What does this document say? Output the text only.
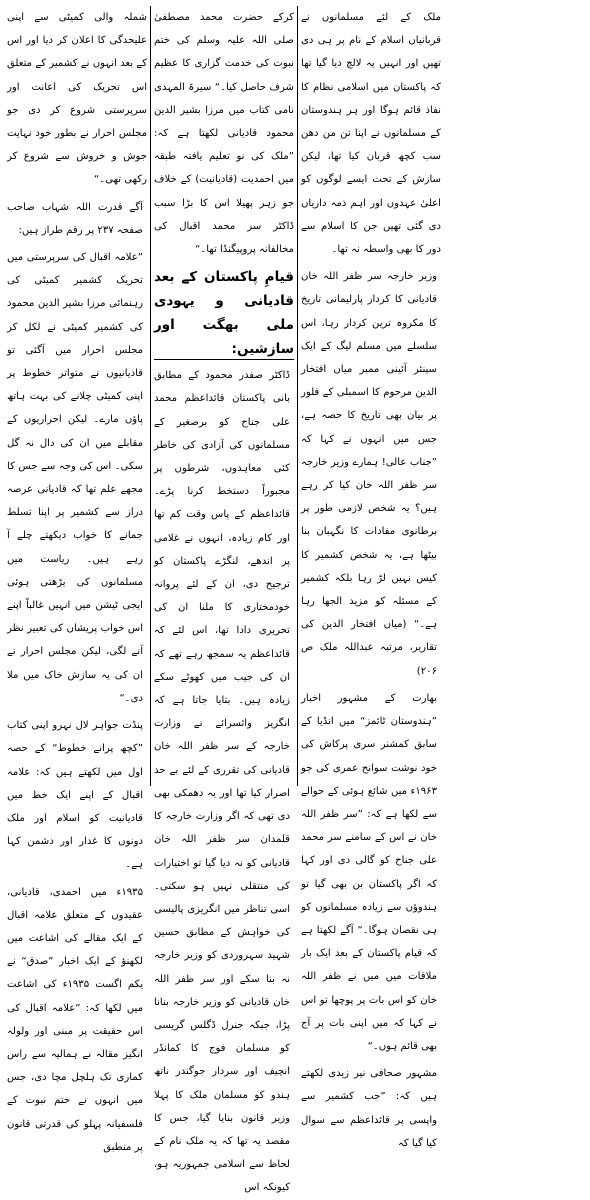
شملہ والی کمیٹی سے اپنی علیحدگی کا اعلان کر دیا اور اس کے بعد انہوں نے کشمیر کے متعلق اس تحریک کی اعانت اور سرپرستی شروع کر دی جو مجلس احرار نے بطور خود نہایت جوش و خروش سے شروع کر رکھی تھی۔“

آگے قدرت اللہ شہاب صاحب صفحہ ۲۳۷ پر رقم طراز ہیں:

”علامہ اقبال کی سرپرستی میں تحریک کشمیر کمیٹی کی رہنمائی مرزا بشیر الدین محمود کی کشمیر کمیٹی نے لکل کر مجلس احرار میں آگئی تو قادیانیوں نے متواتر خطوط پر اپنی کمیٹی چلانے کی بہت ہاتھ پاؤں مارے۔ لیکن احراریوں کے مقابلے میں ان کی دال نہ گل سکی۔ اس کی وجہ سے جس کا مجھے علم تھا کہ قادیانی عرصہ دراز سے کشمیر پر اپنا تسلط جمانے کا خواب دیکھتے چلے آ رہے ہیں۔ ریاست میں مسلمانوں کی بڑھتی ہوئی ایجی ٹیشن میں انہیں غالباً اپنے اس خواب پریشاں کی تعبیر نظر آنے لگی، لیکن مجلس احرار نے ان کی یہ سازش خاک میں ملا دی۔“

پنڈت جواہر لال نہرو اپنی کتاب ”کچھ پرانے خطوط“ کے حصہ اول میں لکھتے ہیں کہ: علامہ اقبال کے اپنے ایک خط میں قادیانیت کو اسلام اور ملک دونوں کا غدار اور دشمن کہا ہے۔

۱۹۳۵ء میں احمدی، قادیانی، عقیدوں کے متعلق علامہ اقبال کے ایک مقالے کی اشاعت میں لکھنؤ کے ایک اخبار ”صدق“ نے یکم اگست ۱۹۳۵ء کی اشاعت میں لکھا کہ: ”علامہ اقبال کی اس حقیقت پر مبنی اور ولولہ انگیز مقالہ نے ہمالیہ سے راس کماری تک ہلچل مچا دی، جس میں انہوں نے ختم نبوت کے فلسفیانہ پہلو کی قدرتی قانون پر منطبق

کرکے حضرت محمد مصطفیٰ صلی اللہ علیہ وسلم کی ختم نبوت کی خدمت گزاری کا عظیم شرف حاصل کیا۔“ سیرۃ المہدی نامی کتاب میں مرزا بشیر الدین محمود قادیانی لکھتا ہے کہ: ”ملک کی نو تعلیم یافتہ طبقہ میں احمدیت (قادیانیت) کے خلاف جو زہر پھیلا اس کا بڑا سبب ڈاکٹر سر محمد اقبال کی مخالفانہ پروپیگنڈا تھا۔“

قیامِ پاکستان کے بعد قادیانی و یہودی ملی بھگت اور سازشیں:

ڈاکٹر صفدر محمود کے مطابق بانی پاکستان قائداعظم محمد علی جناح کو برصغیر کے مسلمانوں کی آزادی کی خاطر کئی معاہدوں، شرطوں پر مجبوراً دستخط کرنا پڑے۔ قائداعظم کے پاس وقت کم تھا اور کام زیادہ، انہوں نے غلامی پر اندھے، لنگڑے پاکستان کو ترجیح دی، ان کے لئے پروانہ خودمختاری کا ملنا ان کی تحریری دادا تھا، اس لئے کہ قائداعظم یہ سمجھ رہے تھے کہ ان کی جیب میں کھوٹے سکے زیادہ ہیں۔ بتایا جاتا ہے کہ انگریز وائسرائے نے وزارت خارجہ کے سر ظفر اللہ خان قادیانی کی تقرری کے لئے بے حد اصرار کیا تھا اور یہ دھمکی بھی دی تھی کہ اگر وزارت خارجہ کا قلمدان سر ظفر اللہ خان قادیانی کو نہ دیا گیا تو اختیارات کی منتقلی نہیں ہو سکتی۔ اسی تناظر میں انگریزی پالیسی کی خواہش کے مطابق حسین شہید سہروردی کو وزیر خارجہ نہ بنا سکے اور سر ظفر اللہ خان قادیانی کو وزیر خارجہ بنانا پڑا، جبکہ جنرل ڈگلس گریسی کو مسلمان فوج کا کمانڈر انچیف اور سردار جوگندر ناتھ ہندو کو مسلمان ملک کا پہلا وزیر قانون بنایا گیا، جس کا مقصد یہ تھا کہ یہ ملک نام کے لحاظ سے اسلامی جمہوریہ ہو، کیونکہ اس

ملک کے لئے مسلمانوں نے قربانیاں اسلام کے نام پر ہی دی تھیں اور انہیں یہ لالچ دیا گیا تھا کہ پاکستان میں اسلامی نظام کا نفاذ قائم ہوگا اور ہر ہندوستان کے مسلمانوں نے اپنا تن من دھن سب کچھ قربان کیا تھا، لیکن سازش کے تحت ایسے لوگوں کو اعلیٰ عہدوں اور اہم ذمہ داریاں دی گئی تھیں جن کا اسلام سے دور کا بھی واسطہ نہ تھا۔

وزیر خارجہ سر ظفر اللہ خان قادیانی کا کردار پارلیمانی تاریخ کا مکروہ ترین کردار رہا، اس سلسلے میں مسلم لیگ کے ایک سینئر آئینی ممبر میاں افتخار الدین مرحوم کا اسمبلی کے فلور پر بیان بھی تاریخ کا حصہ ہے، جس میں انہوں نے کہا کہ ”جناب عالی! ہمارے وزیر خارجہ سر ظفر اللہ خان کیا کر رہے ہیں؟ یہ شخص لازمی طور پر برطانوی مفادات کا نگہبان بنا بیٹھا ہے، یہ شخص کشمیر کا کیس نہیں لڑ رہا بلکہ کشمیر کے مسئلہ کو مزید الجھا رہا ہے۔“ (میاں افتخار الدین کی تقاریر، مرتبہ عبداللہ ملک ص ۲۰۶)

بھارت کے مشہور اخبار ”ہندوستان ٹائمز“ میں انڈیا کے سابق کمشنر سری پرکاش کی خود نوشت سوانح عمری کی جو ۱۹۶۳ء میں شائع ہوئی کے حوالے سے لکھا ہے کہ: ”سر ظفر اللہ خان نے اس کے سامنے سر محمد علی جناح کو گالی دی اور کہا کہ اگر پاکستان بن بھی گیا تو ہندوؤں سے زیادہ مسلمانوں کو ہی نقصان ہوگا۔“ آگے لکھتا ہے کہ قیام پاکستان کے بعد ایک بار ملاقات میں میں نے ظفر اللہ خان کو اس بات پر پوچھا تو اس نے کہا کہ میں اپنی بات پر آج بھی قائم ہوں۔“

مشہور صحافی نیر زیدی لکھتے ہیں کہ: ”جب کشمیر سے واپسی پر قائداعظم سے سوال کیا گیا کہ
